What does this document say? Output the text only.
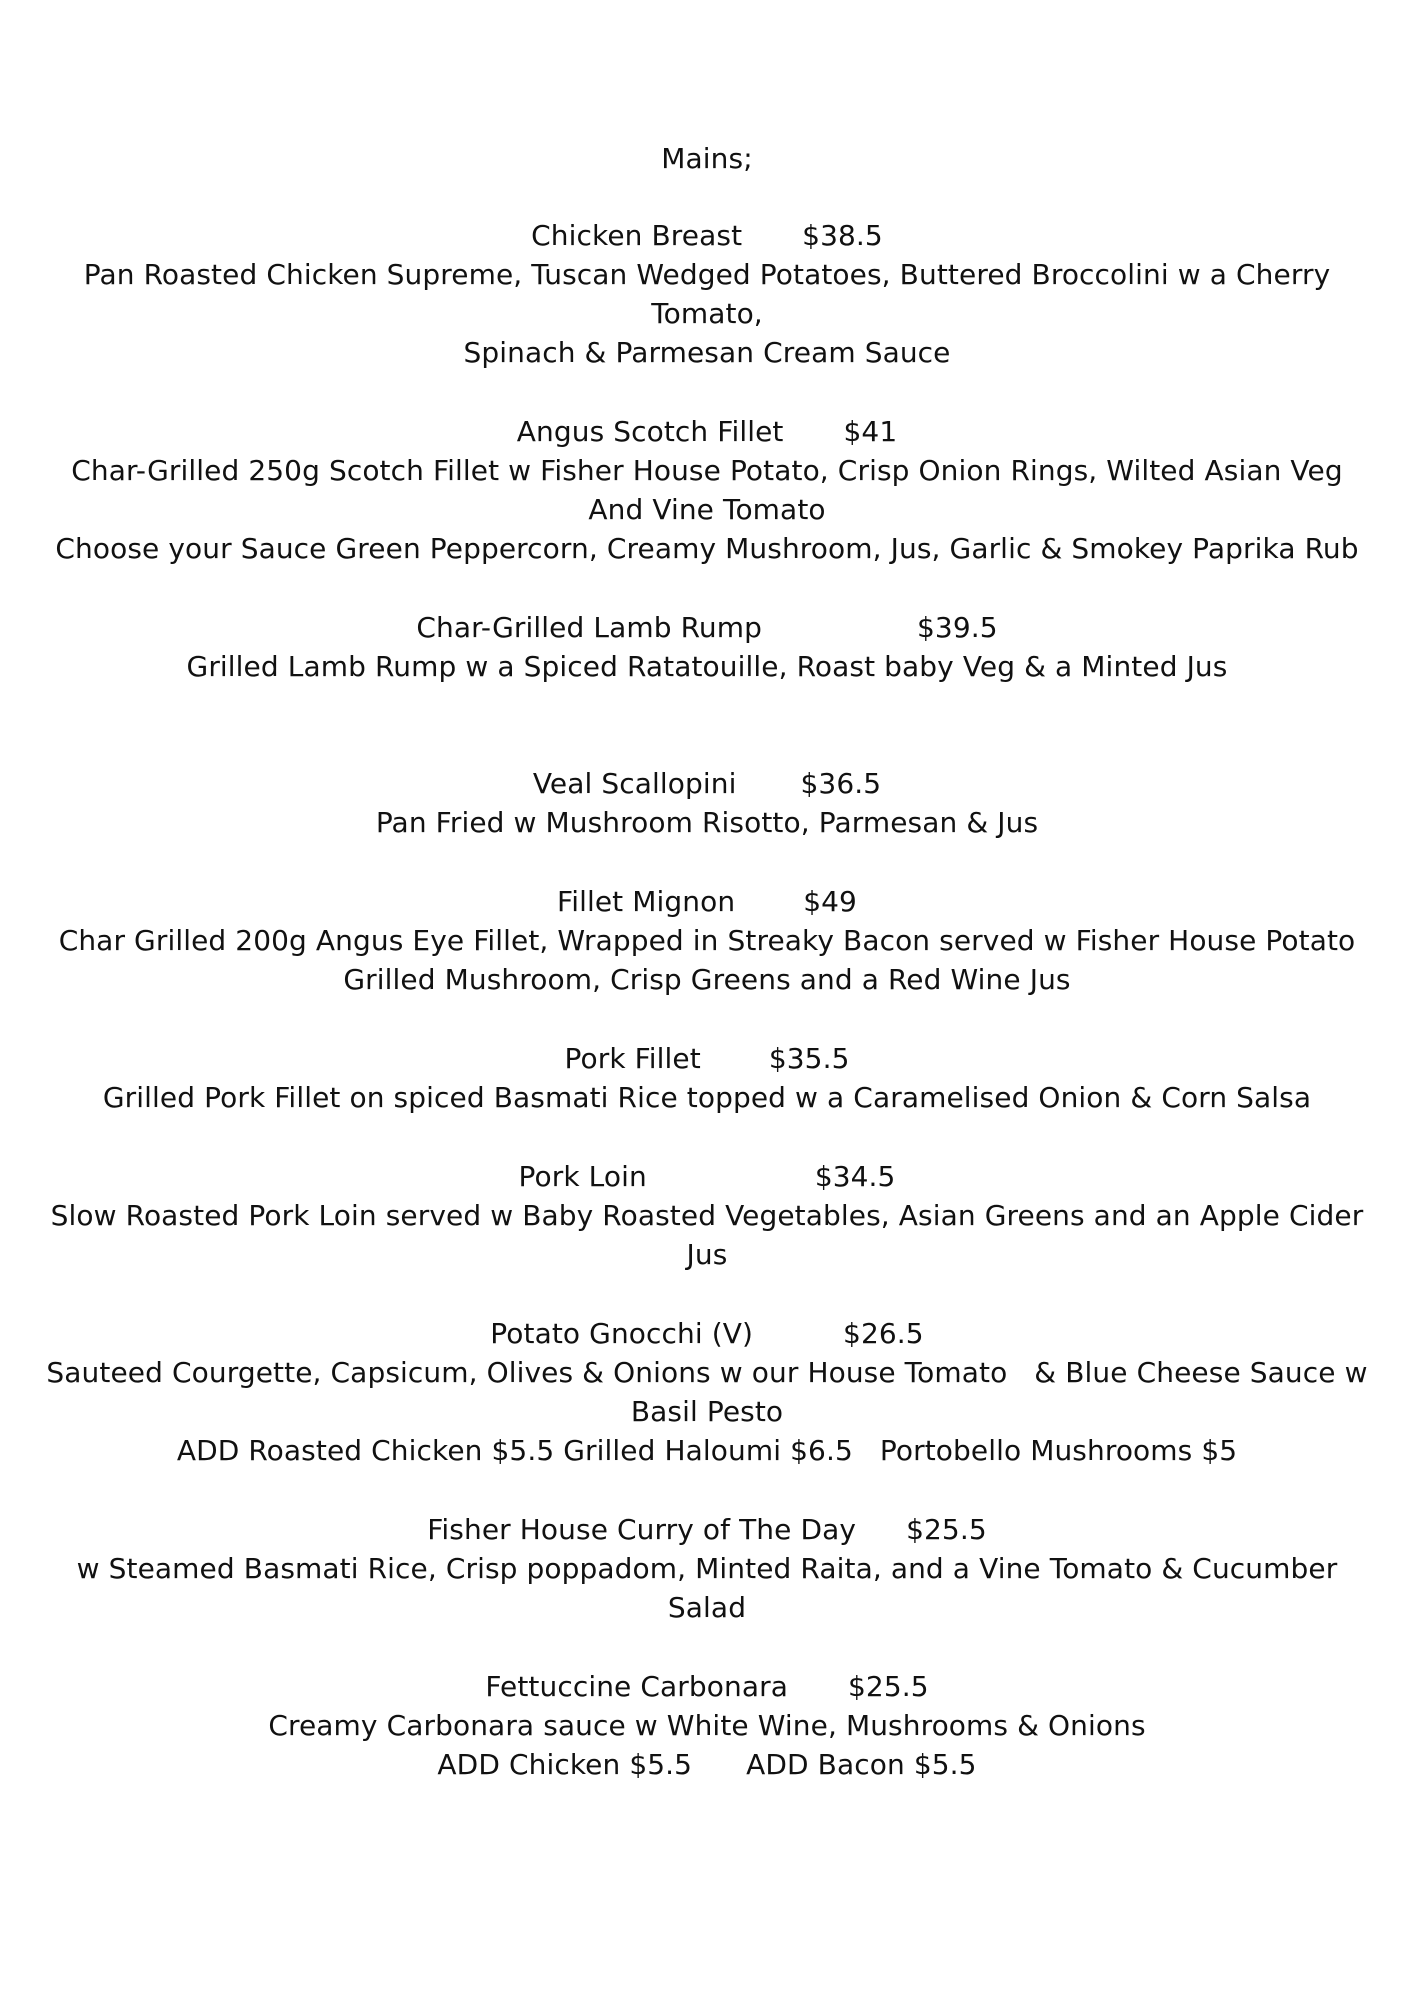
Mains;
Chicken Breast $38.5
Pan Roasted Chicken Supreme, Tuscan Wedged Potatoes, Buttered Broccolini w a Cherry
Tomato,
Spinach & Parmesan Cream Sauce
Angus Scotch Fillet $41
Char-Grilled 250g Scotch Fillet w Fisher House Potato, Crisp Onion Rings, Wilted Asian Veg
And Vine Tomato
Choose your Sauce Green Peppercorn, Creamy Mushroom, Jus, Garlic & Smokey Paprika Rub
Char-Grilled Lamb Rump	$39.5
Grilled Lamb Rump w a Spiced Ratatouille, Roast baby Veg & a Minted Jus
Veal Scallopini $36.5
Pan Fried w Mushroom Risotto, Parmesan & Jus
Fillet Mignon $49
Char Grilled 200g Angus Eye Fillet, Wrapped in Streaky Bacon served w Fisher House Potato
Grilled Mushroom, Crisp Greens and a Red Wine Jus
Pork Fillet $35.5
Grilled Pork Fillet on spiced Basmati Rice topped w a Caramelised Onion & Corn Salsa
Pork Loin	$34.5
Slow Roasted Pork Loin served w Baby Roasted Vegetables, Asian Greens and an Apple Cider
Jus
Potato Gnocchi (V)	$26.5
Sauteed Courgette, Capsicum, Olives & Onions w our House Tomato   & Blue Cheese Sauce w
Basil Pesto
ADD Roasted Chicken $5.5 Grilled Haloumi $6.5   Portobello Mushrooms $5
Fisher House Curry of The Day $25.5
w Steamed Basmati Rice, Crisp poppadom, Minted Raita, and a Vine Tomato & Cucumber
Salad
Fettuccine Carbonara $25.5
Creamy Carbonara sauce w White Wine, Mushrooms & Onions
ADD Chicken $5.5      ADD Bacon $5.5
